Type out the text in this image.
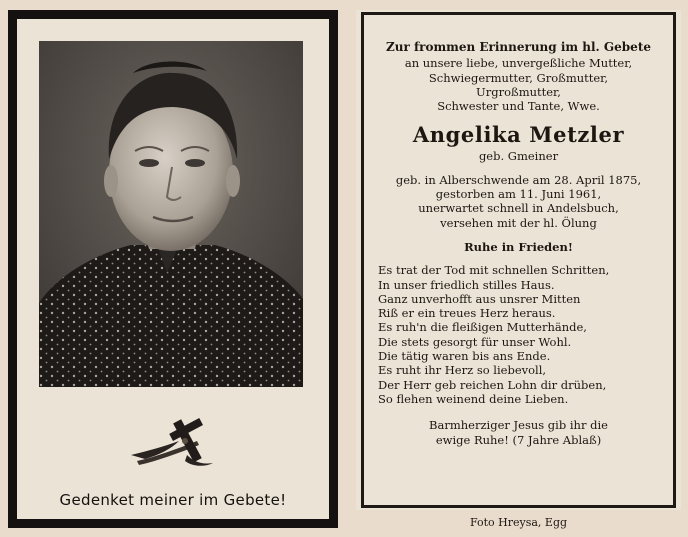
Gedenket meiner im Gebete!
Zur frommen Erinnerung im hl. Gebete
an unsere liebe, unvergeßliche Mutter,
Schwiegermutter, Großmutter,
Urgroßmutter,
Schwester und Tante, Wwe.
Angelika Metzler
geb. Gmeiner
geb. in Alberschwende am 28. April 1875,
gestorben am 11. Juni 1961,
unerwartet schnell in Andelsbuch,
versehen mit der hl. Ölung
Ruhe in Frieden!
Es trat der Tod mit schnellen Schritten,
In unser friedlich stilles Haus.
Ganz unverhofft aus unsrer Mitten
Riß er ein treues Herz heraus.
Es ruh'n die fleißigen Mutterhände,
Die stets gesorgt für unser Wohl.
Die tätig waren bis ans Ende.
Es ruht ihr Herz so liebevoll,
Der Herr geb reichen Lohn dir drüben,
So flehen weinend deine Lieben.
Barmherziger Jesus gib ihr die
ewige Ruhe! (7 Jahre Ablaß)
Foto Hreysa, Egg
